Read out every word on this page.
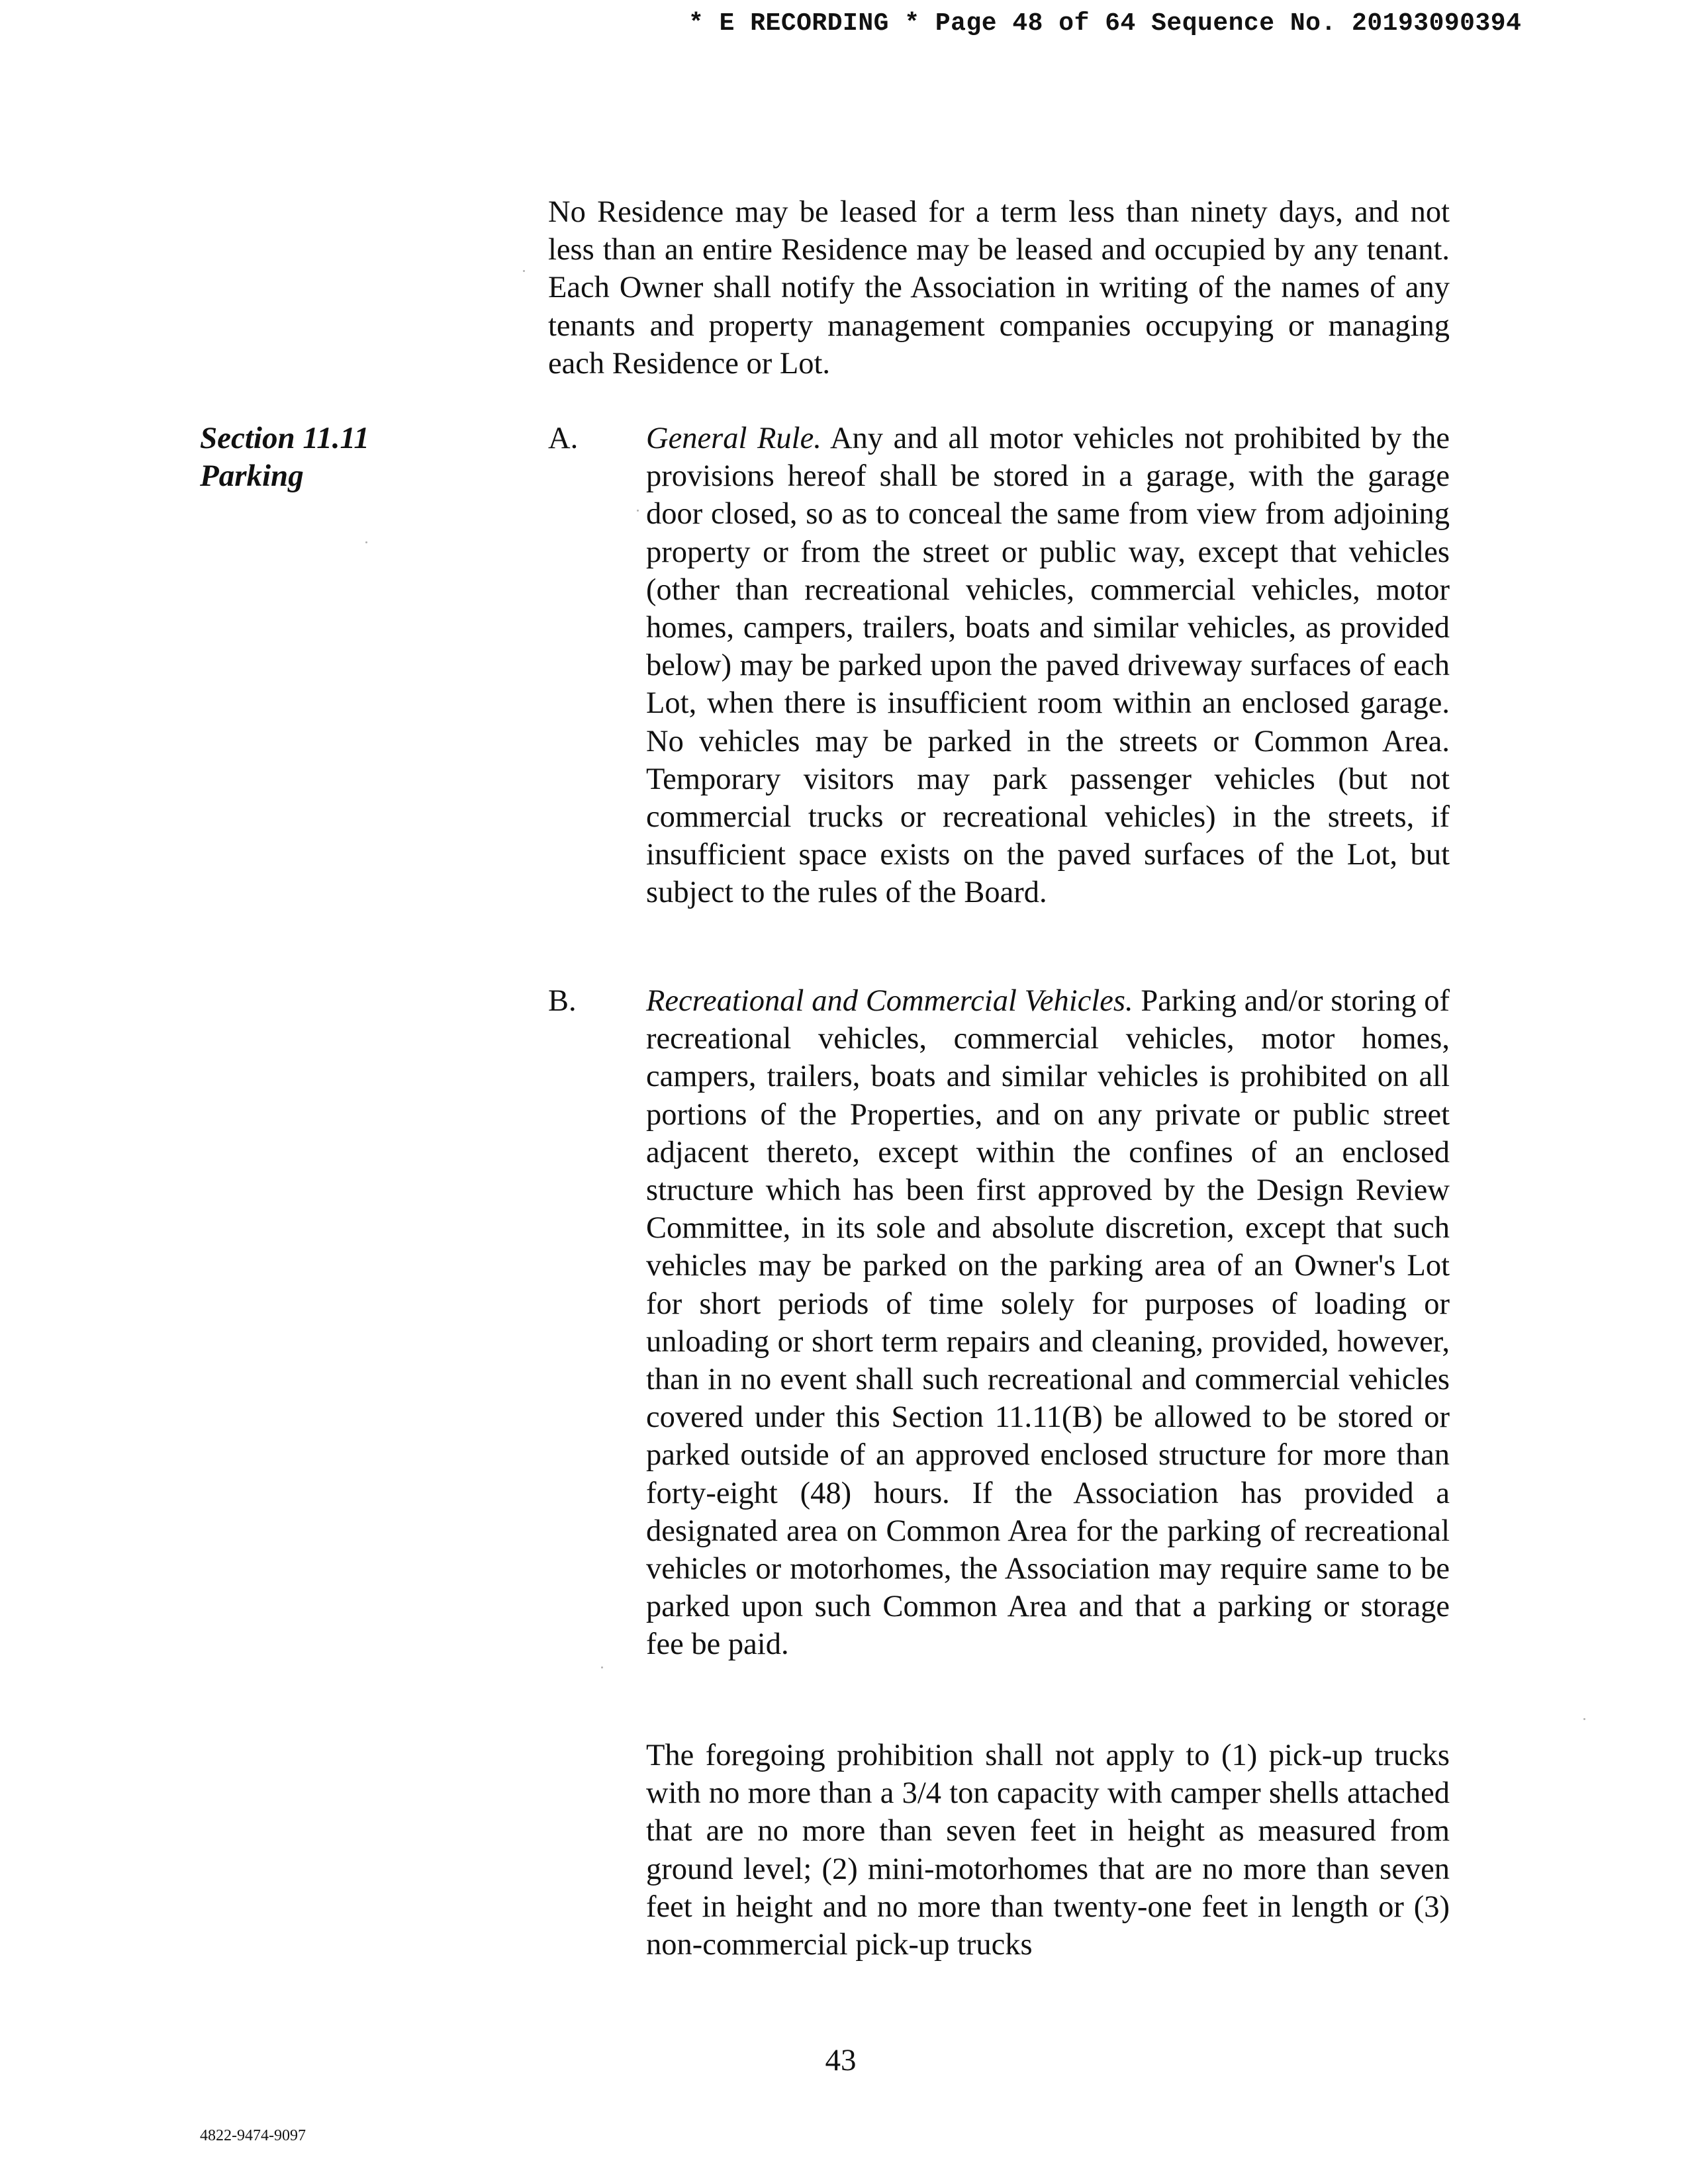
* E RECORDING * Page 48 of 64 Sequence No. 20193090394
No Residence may be leased for a term less than ninety days, and not less than an entire Residence may be leased and occupied by any tenant. Each Owner shall notify the Association in writing of the names of any tenants and property management companies occupying or managing each Residence or Lot.
Section 11.11
Parking
A. General Rule. Any and all motor vehicles not prohibited by the provisions hereof shall be stored in a garage, with the garage door closed, so as to conceal the same from view from adjoining property or from the street or public way, except that vehicles (other than recreational vehicles, commercial vehicles, motor homes, campers, trailers, boats and similar vehicles, as provided below) may be parked upon the paved driveway surfaces of each Lot, when there is insufficient room within an enclosed garage. No vehicles may be parked in the streets or Common Area. Temporary visitors may park passenger vehicles (but not commercial trucks or recreational vehicles) in the streets, if insufficient space exists on the paved surfaces of the Lot, but subject to the rules of the Board.
B. Recreational and Commercial Vehicles. Parking and/or storing of recreational vehicles, commercial vehicles, motor homes, campers, trailers, boats and similar vehicles is prohibited on all portions of the Properties, and on any private or public street adjacent thereto, except within the confines of an enclosed structure which has been first approved by the Design Review Committee, in its sole and absolute discretion, except that such vehicles may be parked on the parking area of an Owner's Lot for short periods of time solely for purposes of loading or unloading or short term repairs and cleaning, provided, however, than in no event shall such recreational and commercial vehicles covered under this Section 11.11(B) be allowed to be stored or parked outside of an approved enclosed structure for more than forty-eight (48) hours. If the Association has provided a designated area on Common Area for the parking of recreational vehicles or motorhomes, the Association may require same to be parked upon such Common Area and that a parking or storage fee be paid.
The foregoing prohibition shall not apply to (1) pick-up trucks with no more than a 3/4 ton capacity with camper shells attached that are no more than seven feet in height as measured from ground level; (2) mini-motorhomes that are no more than seven feet in height and no more than twenty-one feet in length or (3) non-commercial pick-up trucks
43
4822-9474-9097
